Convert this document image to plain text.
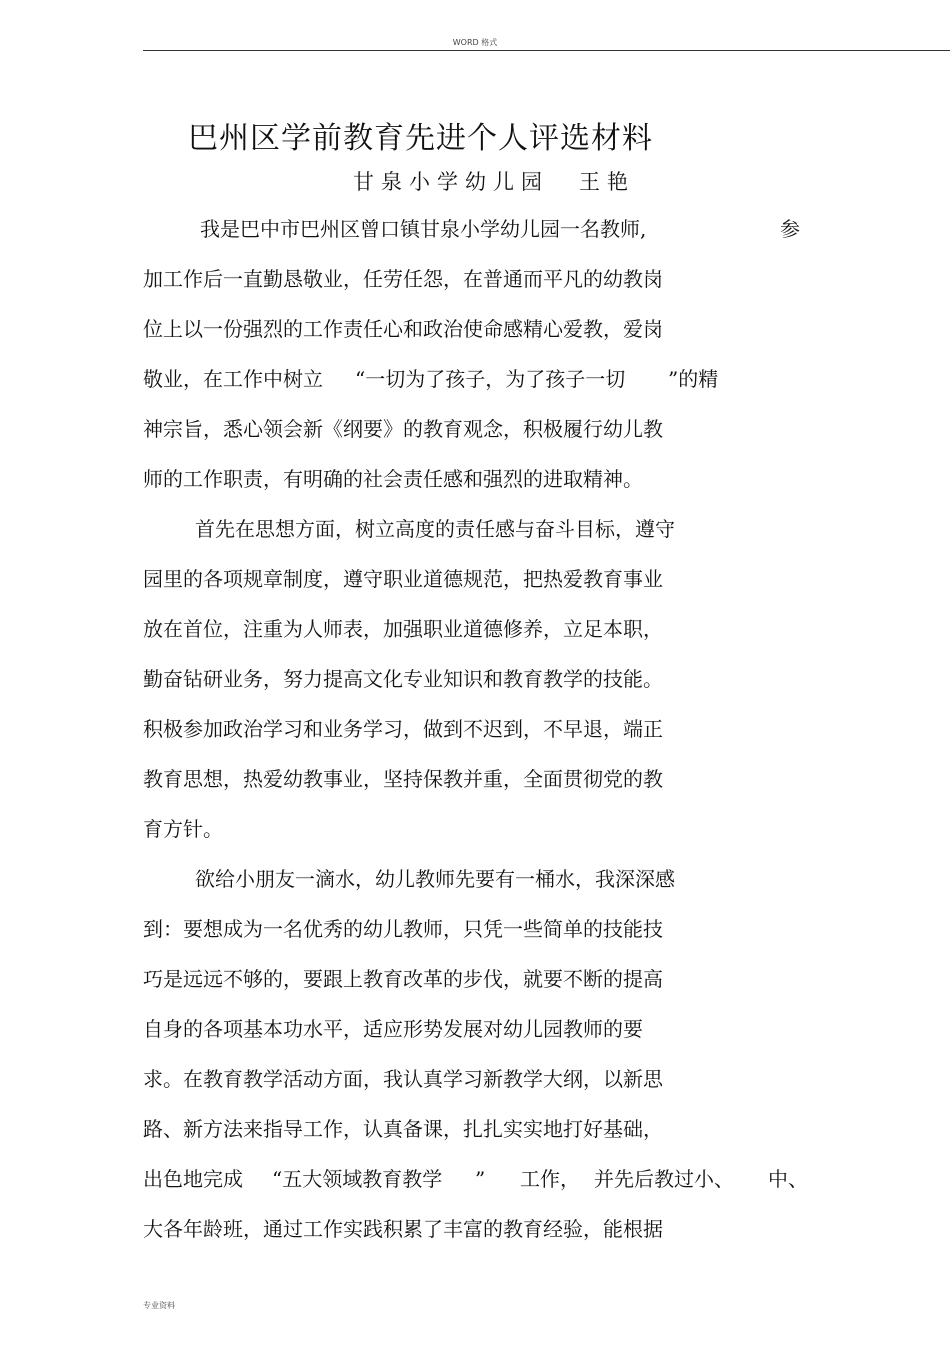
WORD 格式
巴州区学前教育先进个人评选材料
甘泉小学幼儿园 王艳
我是巴中市巴州区曾口镇甘泉小学幼儿园一名教师,	参
加工作后一直勤恳敬业，任劳任怨，在普通而平凡的幼教岗
位上以一份强烈的工作责任心和政治使命感精心爱教，爱岗
敬业，在工作中树立 “一切为了孩子，为了孩子一切 ”的精
神宗旨，悉心领会新《纲要》的教育观念，积极履行幼儿教
师的工作职责，有明确的社会责任感和强烈的进取精神。
首先在思想方面，树立高度的责任感与奋斗目标，遵守
园里的各项规章制度，遵守职业道德规范，把热爱教育事业
放在首位，注重为人师表，加强职业道德修养，立足本职，
勤奋钻研业务，努力提高文化专业知识和教育教学的技能。
积极参加政治学习和业务学习，做到不迟到，不早退，端正
教育思想，热爱幼教事业，坚持保教并重，全面贯彻党的教
育方针。
欲给小朋友一滴水，幼儿教师先要有一桶水，我深深感
到：要想成为一名优秀的幼儿教师，只凭一些简单的技能技
巧是远远不够的，要跟上教育改革的步伐，就要不断的提高
自身的各项基本功水平，适应形势发展对幼儿园教师的要
求。在教育教学活动方面，我认真学习新教学大纲，以新思
路、新方法来指导工作，认真备课，扎扎实实地打好基础，
出色地完成 “五大领域教育教学 ” 工作， 并先后教过小、 中、
大各年龄班，通过工作实践积累了丰富的教育经验，能根据
专业资料
